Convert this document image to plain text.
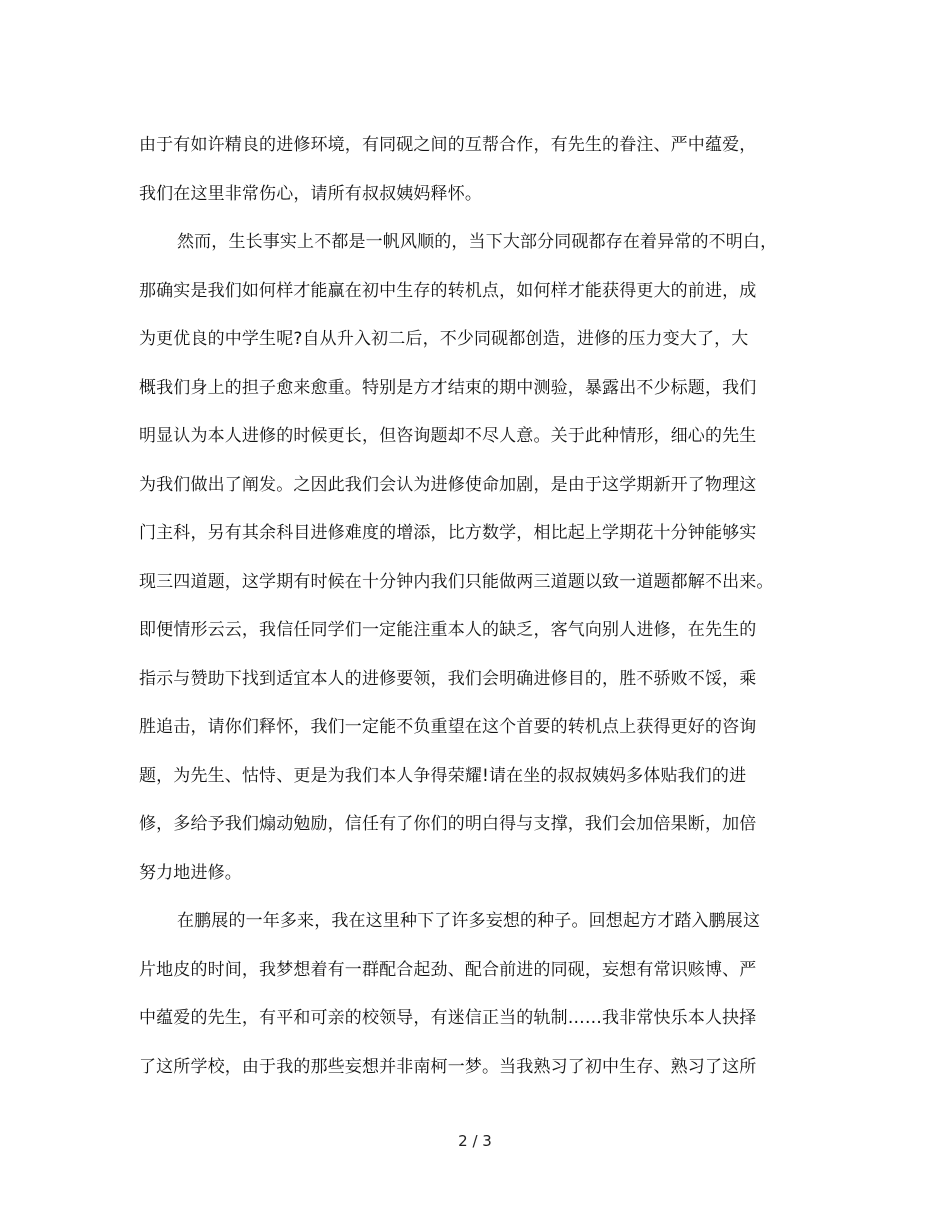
由于有如许精良的进修环境，有同砚之间的互帮合作，有先生的眷注、严中蕴爱，
我们在这里非常伤心，请所有叔叔姨妈释怀。
然而，生长事实上不都是一帆风顺的，当下大部分同砚都存在着异常的不明白，
那确实是我们如何样才能赢在初中生存的转机点，如何样才能获得更大的前进，成
为更优良的中学生呢?自从升入初二后，不少同砚都创造，进修的压力变大了，大
概我们身上的担子愈来愈重。特别是方才结束的期中测验，暴露出不少标题，我们
明显认为本人进修的时候更长，但咨询题却不尽人意。关于此种情形，细心的先生
为我们做出了阐发。之因此我们会认为进修使命加剧，是由于这学期新开了物理这
门主科，另有其余科目进修难度的增添，比方数学，相比起上学期花十分钟能够实
现三四道题，这学期有时候在十分钟内我们只能做两三道题以致一道题都解不出来。
即便情形云云，我信任同学们一定能注重本人的缺乏，客气向别人进修，在先生的
指示与赞助下找到适宜本人的进修要领，我们会明确进修目的，胜不骄败不馁，乘
胜追击，请你们释怀，我们一定能不负重望在这个首要的转机点上获得更好的咨询
题，为先生、怙恃、更是为我们本人争得荣耀!请在坐的叔叔姨妈多体贴我们的进
修，多给予我们煽动勉励，信任有了你们的明白得与支撑，我们会加倍果断，加倍
努力地进修。
在鹏展的一年多来，我在这里种下了许多妄想的种子。回想起方才踏入鹏展这
片地皮的时间，我梦想着有一群配合起劲、配合前进的同砚，妄想有常识赅博、严
中蕴爱的先生，有平和可亲的校领导，有迷信正当的轨制……我非常快乐本人抉择
了这所学校，由于我的那些妄想并非南柯一梦。当我熟习了初中生存、熟习了这所
2 / 3
